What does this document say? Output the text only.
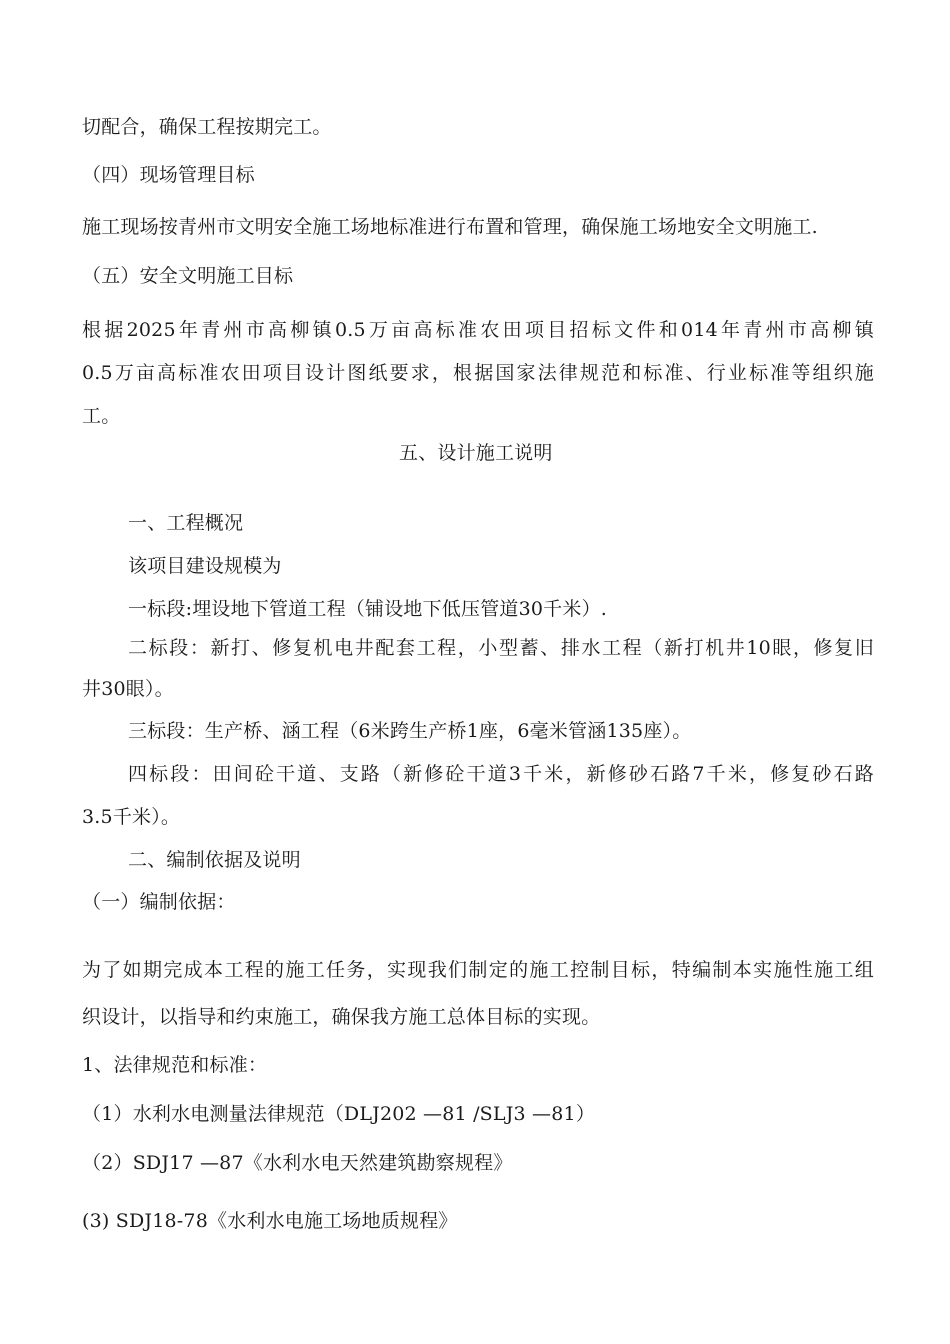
切配合，确保工程按期完工。
（四）现场管理目标
施工现场按青州市文明安全施工场地标准进行布置和管理，确保施工场地安全文明施工.
（五）安全文明施工目标
根据2025年青州市高柳镇0.5万亩高标准农田项目招标文件和014年青州市高柳镇
0.5万亩高标准农田项目设计图纸要求，根据国家法律规范和标准、行业标准等组织施
工。
五、设计施工说明
一、工程概况
该项目建设规模为
一标段:埋设地下管道工程（铺设地下低压管道30千米）.
二标段：新打、修复机电井配套工程，小型蓄、排水工程（新打机井10眼，修复旧
井30眼）。
三标段：生产桥、涵工程（6米跨生产桥1座，6毫米管涵135座）。
四标段：田间砼干道、支路（新修砼干道3千米，新修砂石路7千米，修复砂石路
3.5千米）。
二、编制依据及说明
（一）编制依据：
为了如期完成本工程的施工任务，实现我们制定的施工控制目标，特编制本实施性施工组
织设计，以指导和约束施工，确保我方施工总体目标的实现。
1、法律规范和标准：
（1）水利水电测量法律规范（DLJ202 —81 /SLJ3 —81）
（2）SDJ17 —87《水利水电天然建筑勘察规程》
(3) SDJ18-78《水利水电施工场地质规程》
